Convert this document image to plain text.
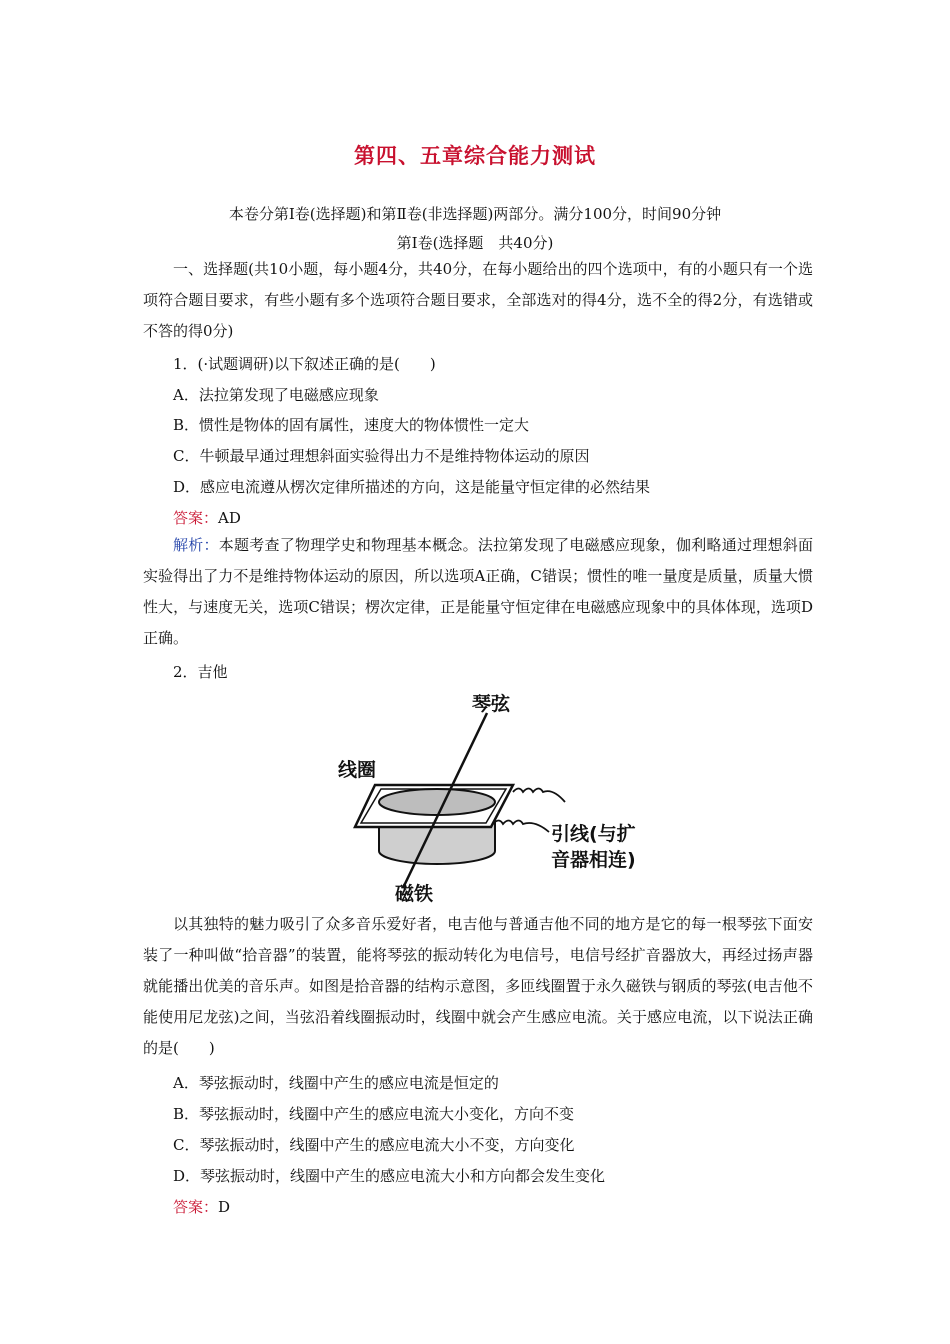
第四、五章综合能力测试
本卷分第Ⅰ卷(选择题)和第Ⅱ卷(非选择题)两部分。满分100分，时间90分钟
第Ⅰ卷(选择题　共40分)
一、选择题(共10小题，每小题4分，共40分，在每小题给出的四个选项中，有的小题只有一个选项符合题目要求，有些小题有多个选项符合题目要求，全部选对的得4分，选不全的得2分，有选错或不答的得0分)
1．(·试题调研)以下叙述正确的是(　　)
A．法拉第发现了电磁感应现象
B．惯性是物体的固有属性，速度大的物体惯性一定大
C．牛顿最早通过理想斜面实验得出力不是维持物体运动的原因
D．感应电流遵从楞次定律所描述的方向，这是能量守恒定律的必然结果
答案：AD
解析：本题考查了物理学史和物理基本概念。法拉第发现了电磁感应现象，伽利略通过理想斜面实验得出了力不是维持物体运动的原因，所以选项A正确，C错误；惯性的唯一量度是质量，质量大惯性大，与速度无关，选项C错误；楞次定律，正是能量守恒定律在电磁感应现象中的具体体现，选项D正确。
2．吉他
琴弦
线圈
引线(与扩
音器相连)
磁铁
以其独特的魅力吸引了众多音乐爱好者，电吉他与普通吉他不同的地方是它的每一根琴弦下面安装了一种叫做“拾音器”的装置，能将琴弦的振动转化为电信号，电信号经扩音器放大，再经过扬声器就能播出优美的音乐声。如图是拾音器的结构示意图，多匝线圈置于永久磁铁与钢质的琴弦(电吉他不能使用尼龙弦)之间，当弦沿着线圈振动时，线圈中就会产生感应电流。关于感应电流，以下说法正确的是(　　)
A．琴弦振动时，线圈中产生的感应电流是恒定的
B．琴弦振动时，线圈中产生的感应电流大小变化，方向不变
C．琴弦振动时，线圈中产生的感应电流大小不变，方向变化
D．琴弦振动时，线圈中产生的感应电流大小和方向都会发生变化
答案：D
